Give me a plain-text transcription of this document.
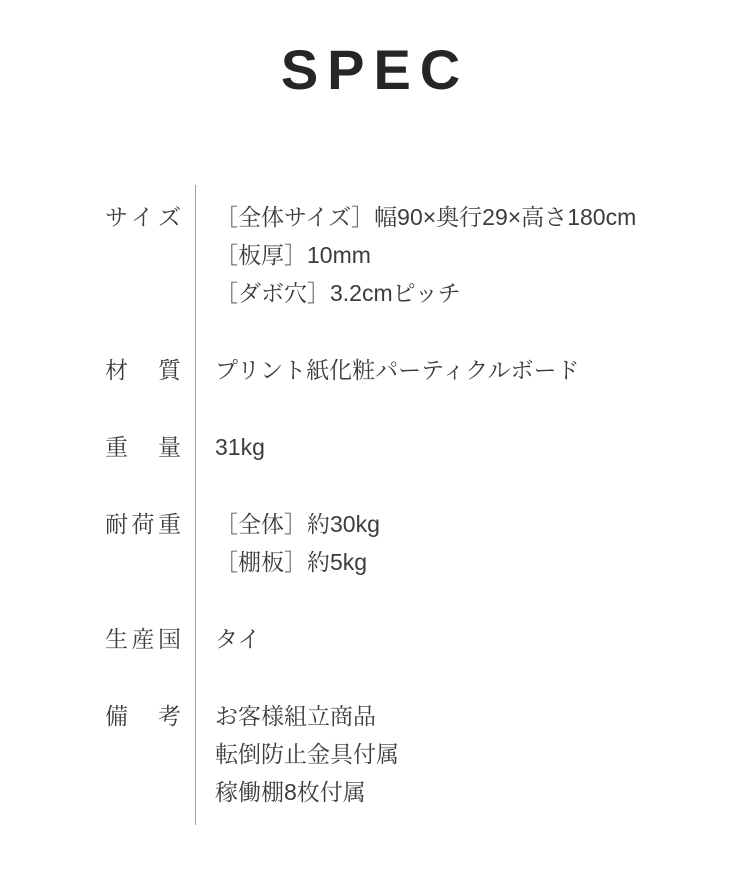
SPEC
サイズ ［全体サイズ］幅90×奥行29×高さ180cm
［板厚］10mm
［ダボ穴］3.2cmピッチ
材質 プリント紙化粧パーティクルボード
重量 31kg
耐荷重 ［全体］約30kg
［棚板］約5kg
生産国 タイ
備考 お客様組立商品
転倒防止金具付属
稼働棚8枚付属
